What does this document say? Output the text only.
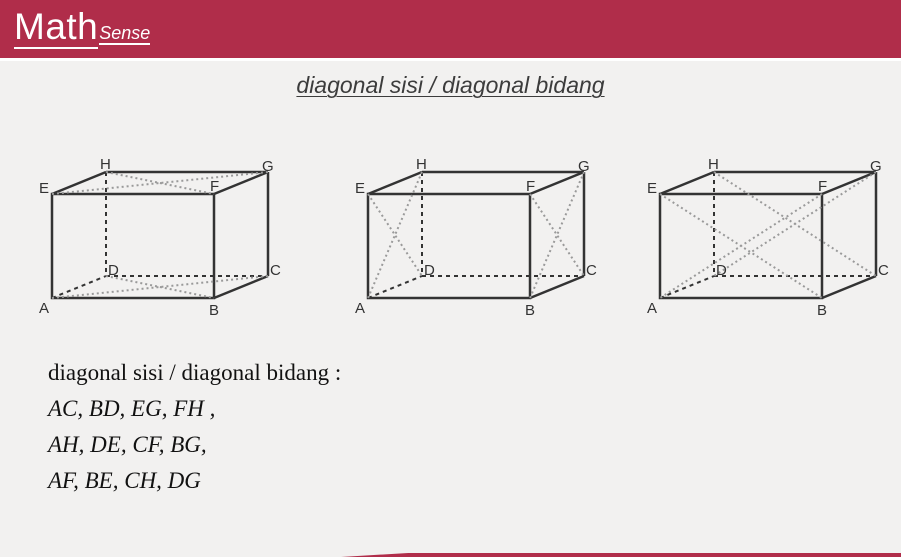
MathSense
diagonal sisi / diagonal bidang
A	B
C
D
E	F
G
H
A	B
C
D
E	F
G
H
A	B
C
D
E	F
G
H
diagonal sisi / diagonal bidang :
AC, BD, EG, FH ,
AH, DE, CF, BG,
AF, BE, CH, DG
